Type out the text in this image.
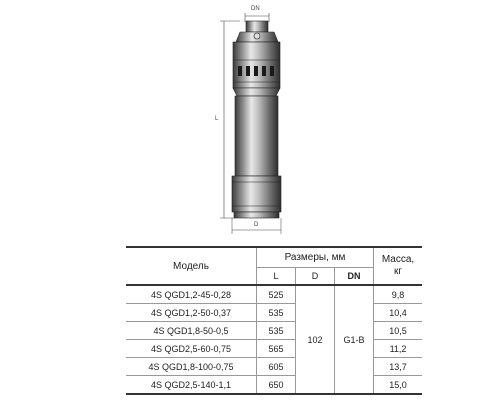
DN
L
D
Модель	Размеры, мм			Масса,
кг
	L	D	DN	
4S QGD1,2-45-0,28	525	102	G1-B	9,8
4S QGD1,2-50-0,37	535			10,4
4S QGD1,8-50-0,5	535			10,5
4S QGD2,5-60-0,75	565			11,2
4S QGD1,8-100-0,75	605			13,7
4S QGD2,5-140-1,1	650			15,0
